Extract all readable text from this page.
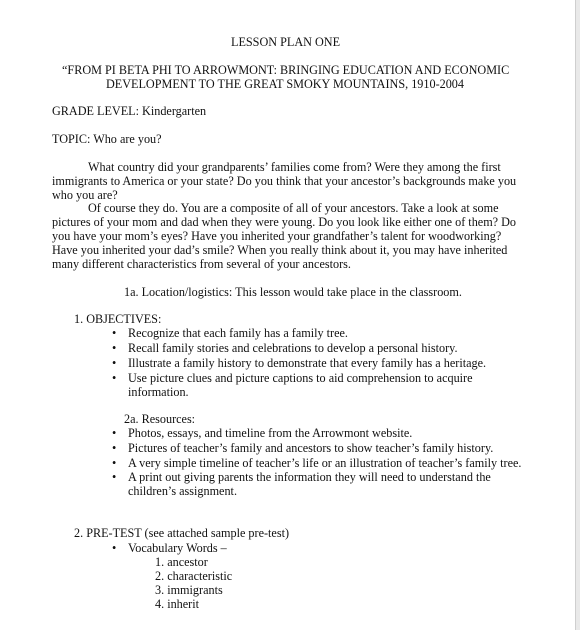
LESSON PLAN ONE
“FROM PI BETA PHI TO ARROWMONT: BRINGING EDUCATION AND ECONOMIC
DEVELOPMENT TO THE GREAT SMOKY MOUNTAINS, 1910-2004
GRADE LEVEL: Kindergarten
TOPIC: Who are you?
What country did your grandparents’ families come from? Were they among the first
immigrants to America or your state? Do you think that your ancestor’s backgrounds make you
who you are?
Of course they do. You are a composite of all of your ancestors. Take a look at some
pictures of your mom and dad when they were young. Do you look like either one of them? Do
you have your mom’s eyes? Have you inherited your grandfather’s talent for woodworking?
Have you inherited your dad’s smile? When you really think about it, you may have inherited
many different characteristics from several of your ancestors.
1a. Location/logistics: This lesson would take place in the classroom.
1. OBJECTIVES:
• Recognize that each family has a family tree.
• Recall family stories and celebrations to develop a personal history.
• Illustrate a family history to demonstrate that every family has a heritage.
• Use picture clues and picture captions to aid comprehension to acquire
information.
2a. Resources:
• Photos, essays, and timeline from the Arrowmont website.
• Pictures of teacher’s family and ancestors to show teacher’s family history.
• A very simple timeline of teacher’s life or an illustration of teacher’s family tree.
• A print out giving parents the information they will need to understand the
children’s assignment.
2. PRE-TEST (see attached sample pre-test)
• Vocabulary Words –
1. ancestor
2. characteristic
3. immigrants
4. inherit
